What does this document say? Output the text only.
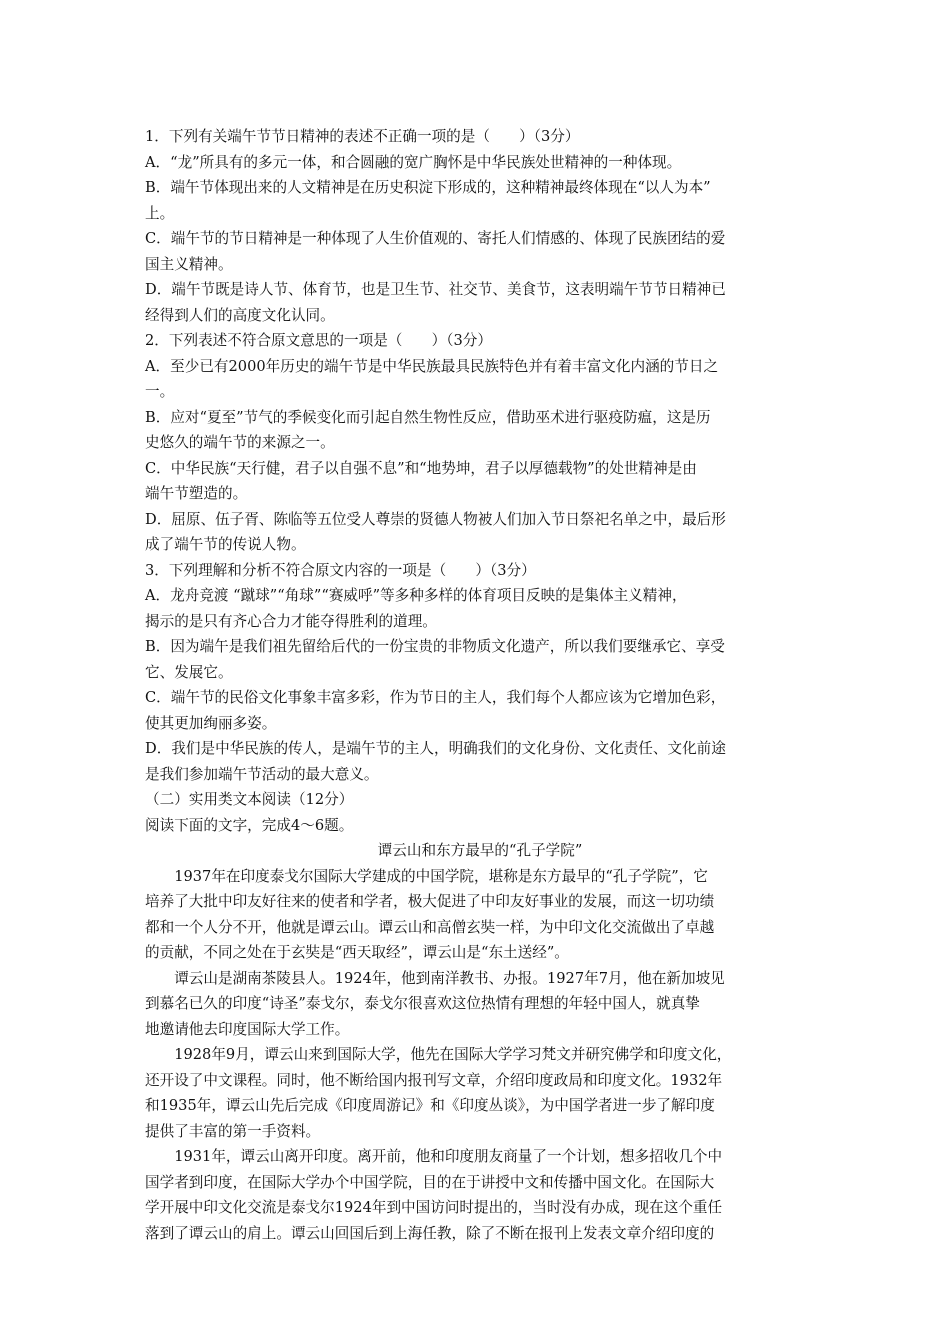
1．下列有关端午节节日精神的表述不正确一项的是（　　）（3分）
A．“龙”所具有的多元一体，和合圆融的宽广胸怀是中华民族处世精神的一种体现。
B．端午节体现出来的人文精神是在历史积淀下形成的，这种精神最终体现在“以人为本”
上。
C．端午节的节日精神是一种体现了人生价值观的、寄托人们情感的、体现了民族团结的爱
国主义精神。
D．端午节既是诗人节、体育节，也是卫生节、社交节、美食节，这表明端午节节日精神已
经得到人们的高度文化认同。
2．下列表述不符合原文意思的一项是（　　）（3分）
A．至少已有2000年历史的端午节是中华民族最具民族特色并有着丰富文化内涵的节日之
一。
B．应对“夏至”节气的季候变化而引起自然生物性反应，借助巫术进行驱疫防瘟，这是历
史悠久的端午节的来源之一。
C．中华民族“天行健，君子以自强不息”和“地势坤，君子以厚德载物”的处世精神是由
端午节塑造的。
D．屈原、伍子胥、陈临等五位受人尊崇的贤德人物被人们加入节日祭祀名单之中，最后形
成了端午节的传说人物。
3．下列理解和分析不符合原文内容的一项是（　　）（3分）
A．龙舟竞渡 “蹴球”“角球”“赛威呼”等多种多样的体育项目反映的是集体主义精神，
揭示的是只有齐心合力才能夺得胜利的道理。
B．因为端午是我们祖先留给后代的一份宝贵的非物质文化遗产，所以我们要继承它、享受
它、发展它。
C．端午节的民俗文化事象丰富多彩，作为节日的主人，我们每个人都应该为它增加色彩，
使其更加绚丽多姿。
D．我们是中华民族的传人，是端午节的主人，明确我们的文化身份、文化责任、文化前途
是我们参加端午节活动的最大意义。
（二）实用类文本阅读（12分）
阅读下面的文字，完成4～6题。
谭云山和东方最早的“孔子学院”
1937年在印度泰戈尔国际大学建成的中国学院，堪称是东方最早的“孔子学院”，它
培养了大批中印友好往来的使者和学者，极大促进了中印友好事业的发展，而这一切功绩
都和一个人分不开，他就是谭云山。谭云山和高僧玄奘一样，为中印文化交流做出了卓越
的贡献，不同之处在于玄奘是“西天取经”，谭云山是“东土送经”。
谭云山是湖南茶陵县人。1924年，他到南洋教书、办报。1927年7月，他在新加坡见
到慕名已久的印度“诗圣”泰戈尔，泰戈尔很喜欢这位热情有理想的年轻中国人，就真挚
地邀请他去印度国际大学工作。
1928年9月，谭云山来到国际大学，他先在国际大学学习梵文并研究佛学和印度文化，
还开设了中文课程。同时，他不断给国内报刊写文章，介绍印度政局和印度文化。1932年
和1935年，谭云山先后完成《印度周游记》和《印度丛谈》，为中国学者进一步了解印度
提供了丰富的第一手资料。
1931年，谭云山离开印度。离开前，他和印度朋友商量了一个计划，想多招收几个中
国学者到印度，在国际大学办个中国学院，目的在于讲授中文和传播中国文化。在国际大
学开展中印文化交流是泰戈尔1924年到中国访问时提出的，当时没有办成，现在这个重任
落到了谭云山的肩上。谭云山回国后到上海任教，除了不断在报刊上发表文章介绍印度的
